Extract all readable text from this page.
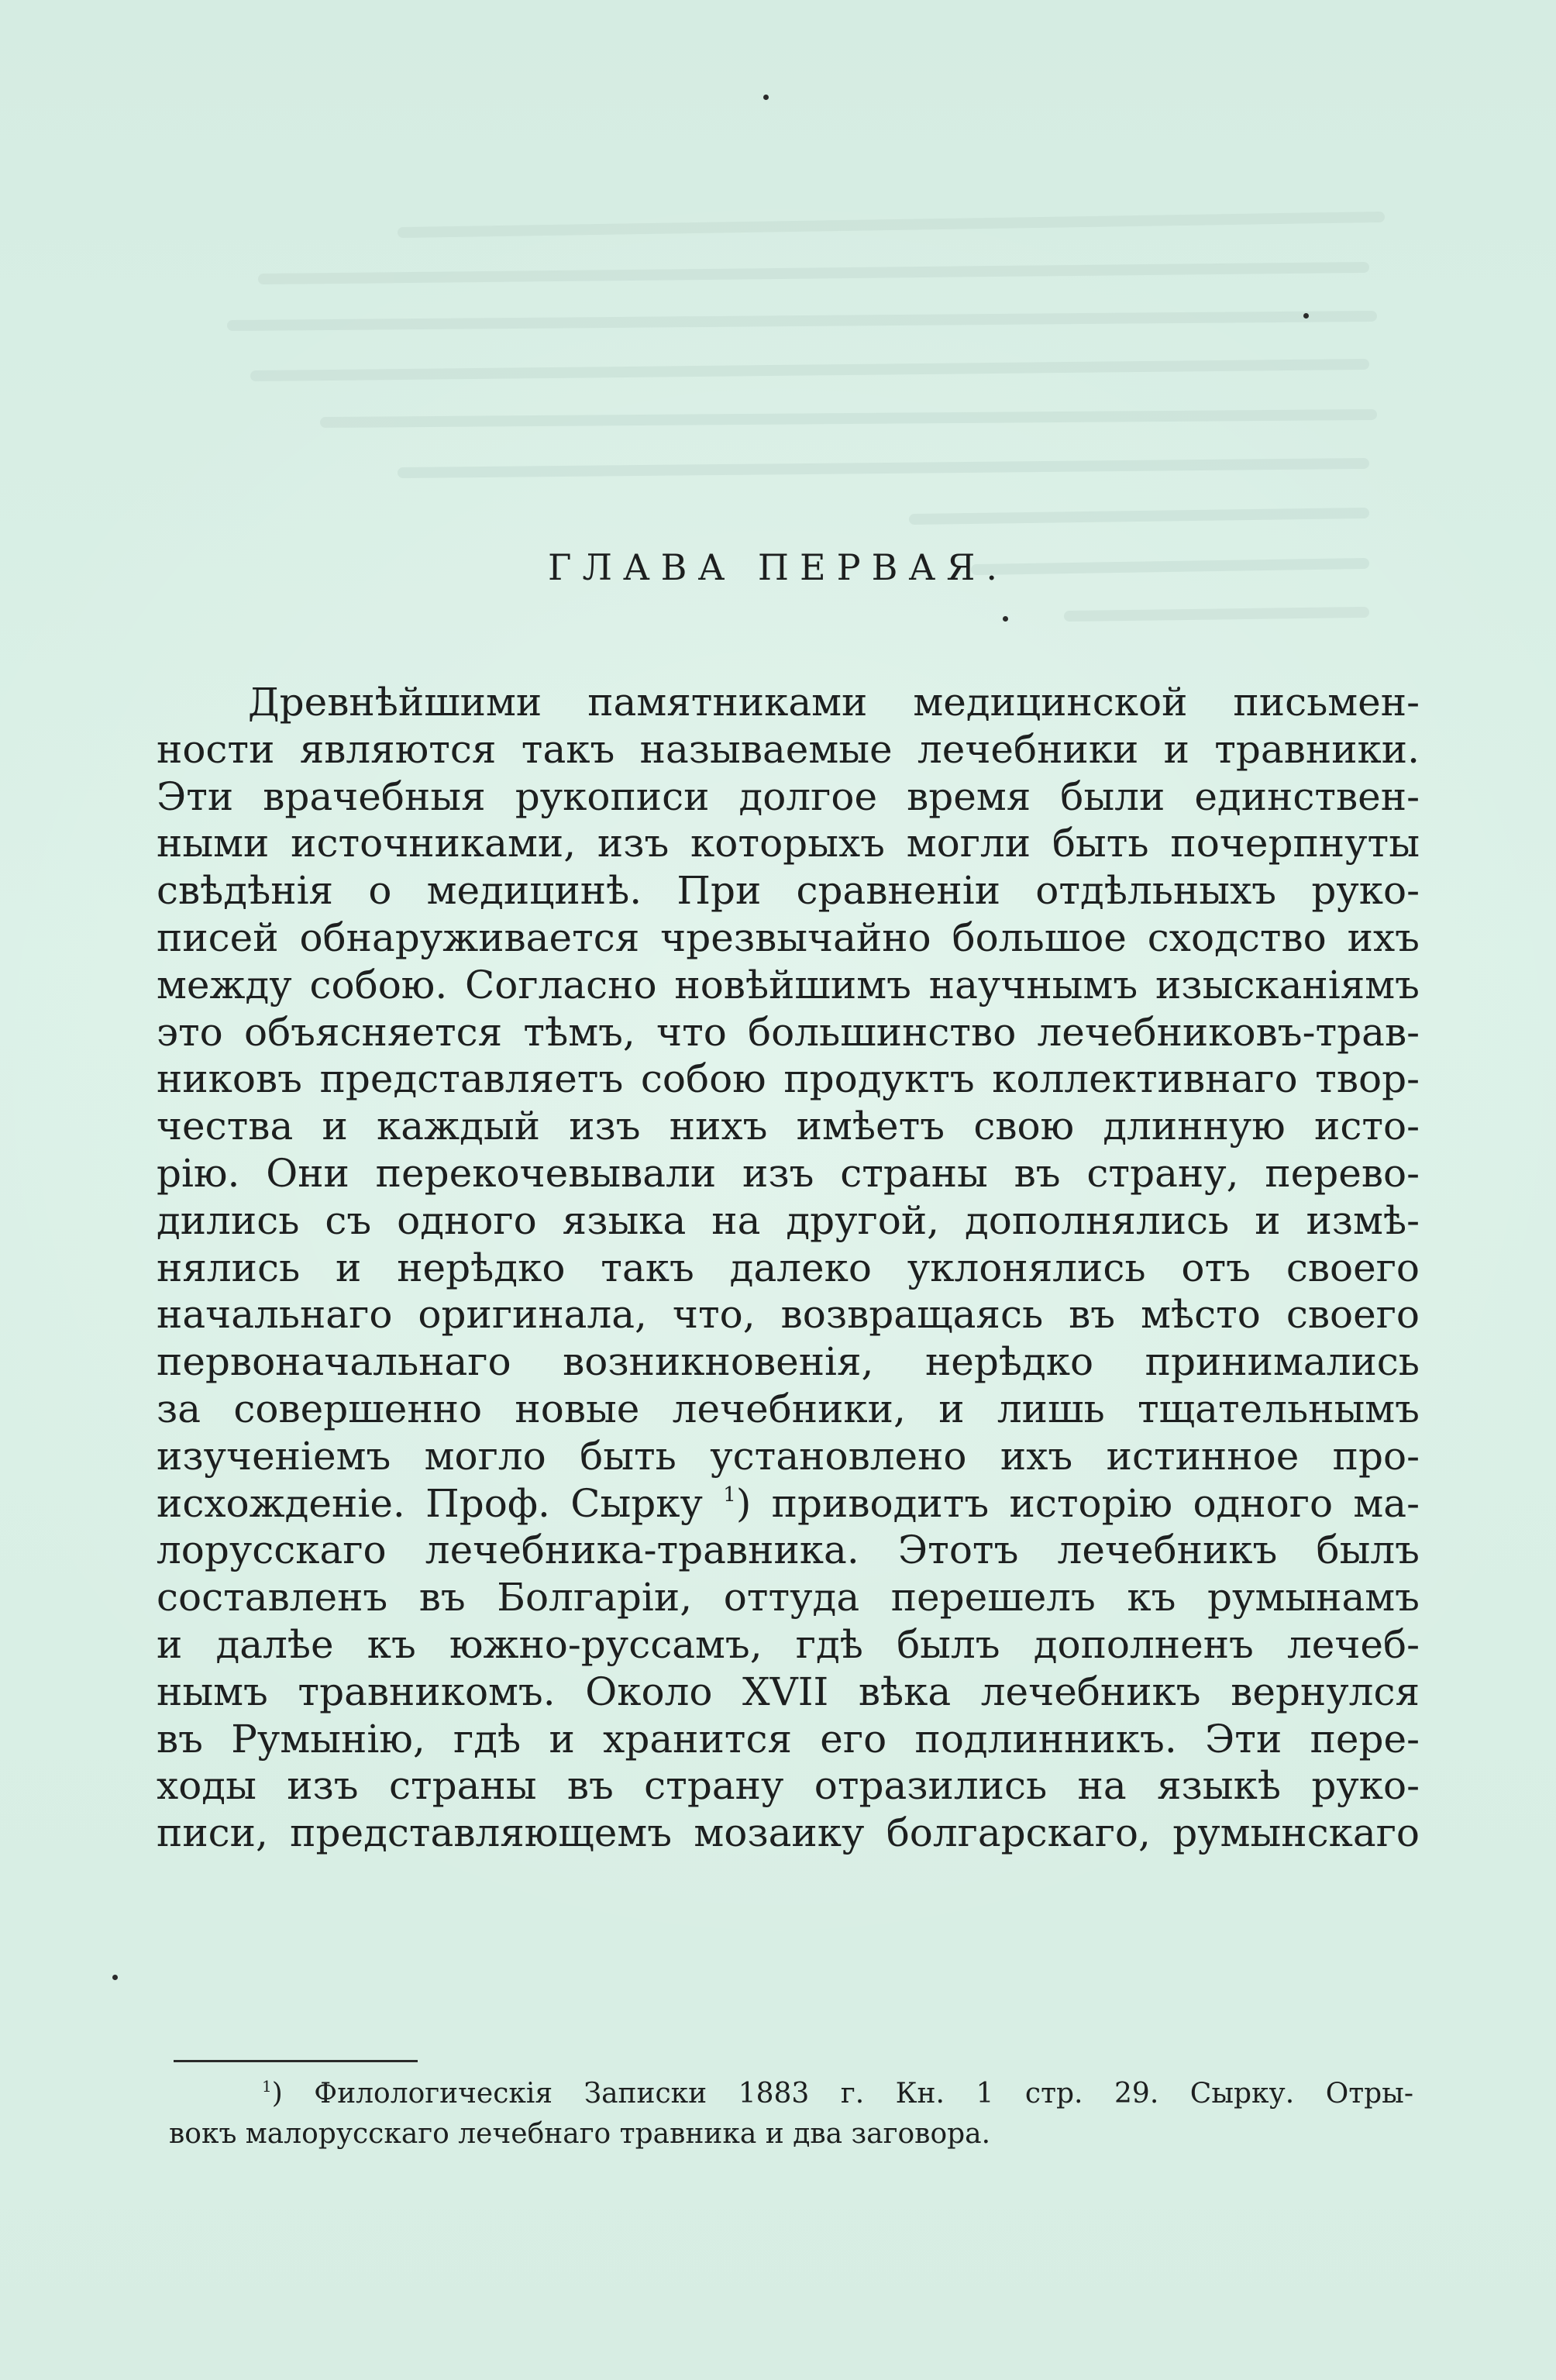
ГЛАВА ПЕРВАЯ.
Древнѣйшими памятниками медицинской письмен-
ности являются такъ называемые лечебники и травники.
Эти врачебныя рукописи долгое время были единствен-
ными источниками, изъ которыхъ могли быть почерпнуты
свѣдѣнія о медицинѣ. При сравненіи отдѣльныхъ руко-
писей обнаруживается чрезвычайно большое сходство ихъ
между собою. Согласно новѣйшимъ научнымъ изысканіямъ
это объясняется тѣмъ, что большинство лечебниковъ-трав-
никовъ представляетъ собою продуктъ коллективнаго твор-
чества и каждый изъ нихъ имѣетъ свою длинную исто-
рію. Они перекочевывали изъ страны въ страну, перево-
дились съ одного языка на другой, дополнялись и измѣ-
нялись и нерѣдко такъ далеко уклонялись отъ своего
начальнаго оригинала, что, возвращаясь въ мѣсто своего
первоначальнаго возникновенія, нерѣдко принимались
за совершенно новые лечебники, и лишь тщательнымъ
изученіемъ могло быть установлено ихъ истинное про-
исхожденіе. Проф. Сырку $^1$) приводитъ исторію одного ма-
лорусскаго лечебника-травника. Этотъ лечебникъ былъ
составленъ въ Болгаріи, оттуда перешелъ къ румынамъ
и далѣе къ южно-руссамъ, гдѣ былъ дополненъ лечеб-
нымъ травникомъ. Около XVII вѣка лечебникъ вернулся
въ Румынію, гдѣ и хранится его подлинникъ. Эти пере-
ходы изъ страны въ страну отразились на языкѣ руко-
писи, представляющемъ мозаику болгарскаго, румынскаго
$^1$) Филологическія Записки 1883 г. Кн. 1 стр. 29. Сырку. Отры-
вокъ малорусскаго лечебнаго травника и два заговора.
